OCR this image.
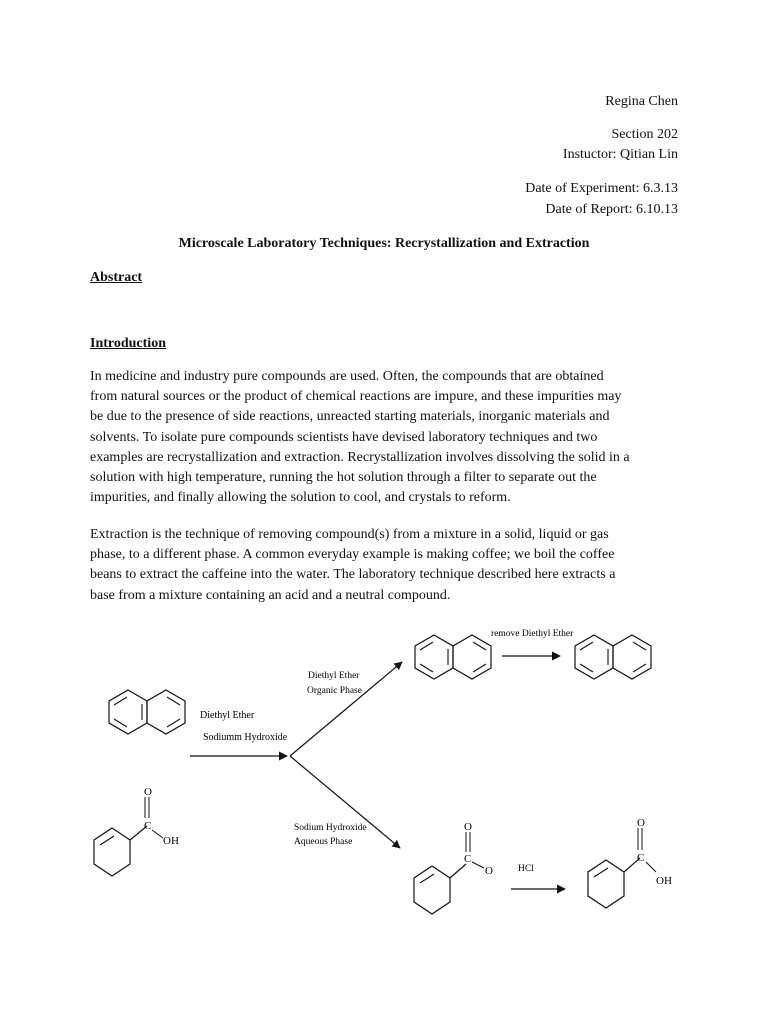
Regina Chen
Section 202
Instuctor: Qitian Lin
Date of Experiment: 6.3.13
Date of Report: 6.10.13
Microscale Laboratory Techniques: Recrystallization and Extraction
Abstract
Introduction
In medicine and industry pure compounds are used. Often, the compounds that are obtained
from natural sources or the product of chemical reactions are impure, and these impurities may
be due to the presence of side reactions, unreacted starting materials, inorganic materials and
solvents. To isolate pure compounds scientists have devised laboratory techniques and two
examples are recrystallization and extraction. Recrystallization involves dissolving the solid in a
solution with high temperature, running the hot solution through a filter to separate out the
impurities, and finally allowing the solution to cool, and crystals to reform.
Extraction is the technique of removing compound(s) from a mixture in a solid, liquid or gas
phase, to a different phase. A common everyday example is making coffee; we boil the coffee
beans to extract the caffeine into the water. The laboratory technique described here extracts a
base from a mixture containing an acid and a neutral compound.
O
C
OH
Diethyl Ether
Sodiumm Hydroxide
Diethyl Ether
Organic Phase
Sodium Hydroxide
Aqueous Phase
remove Diethyl Ether
O
C
O	HCl
O
C
OH
